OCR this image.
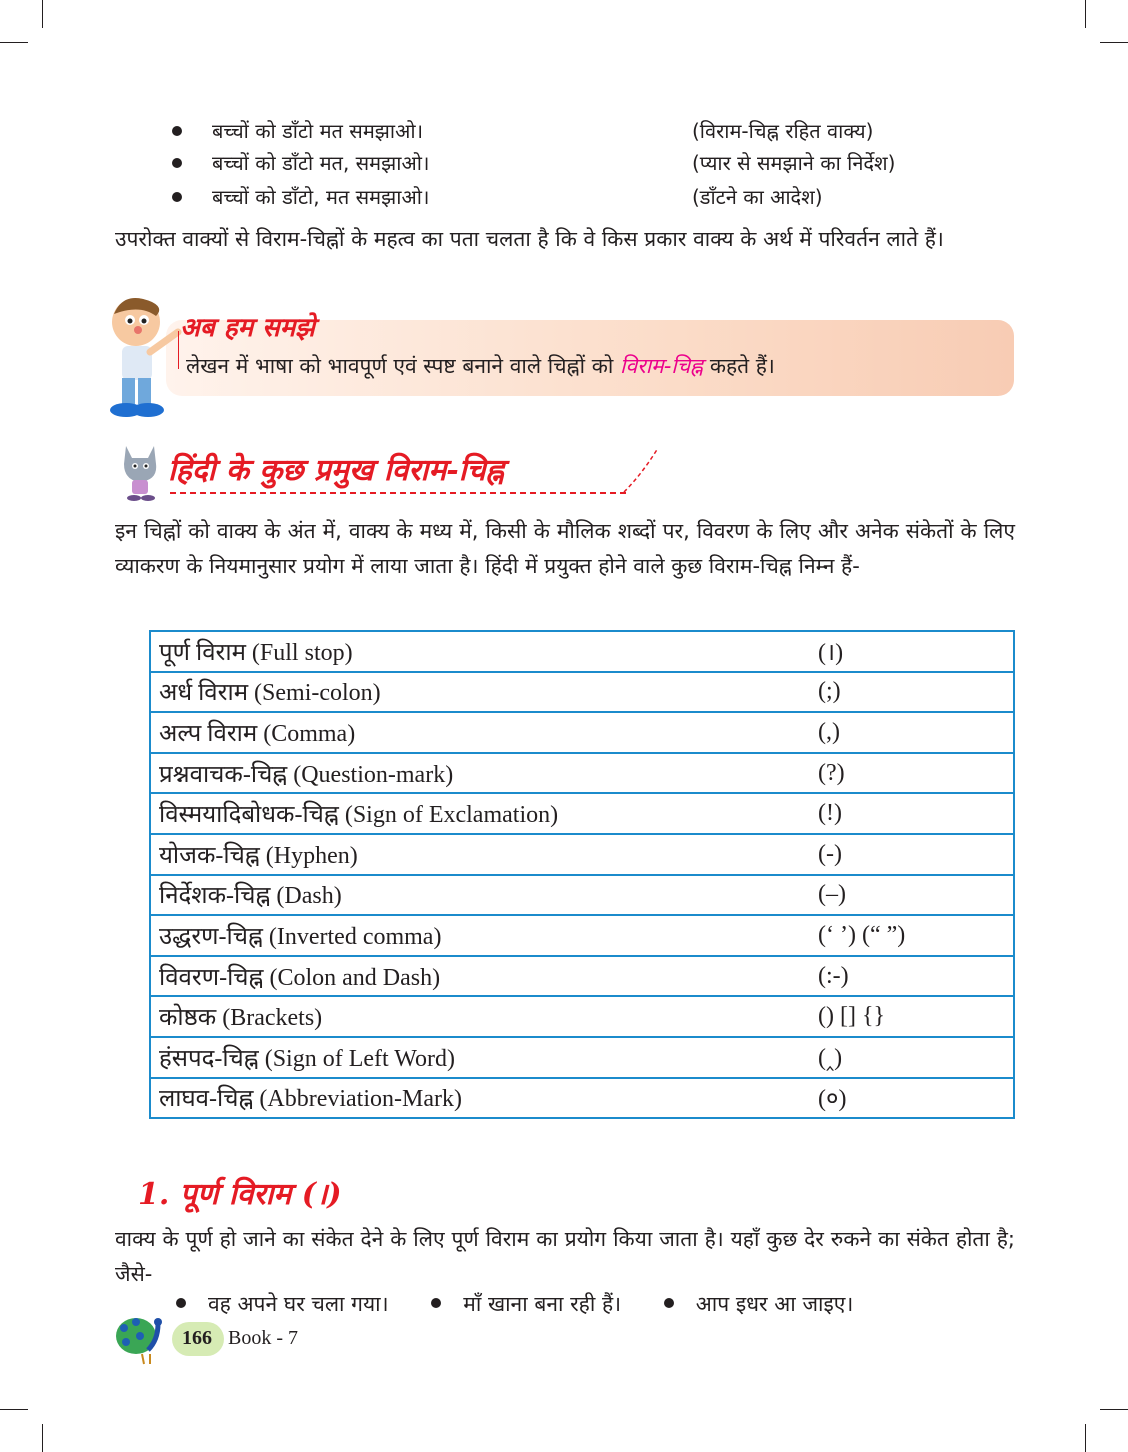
बच्चों को डाँटो मत समझाओ।	(विराम-चिह्न रहित वाक्य)
बच्चों को डाँटो मत, समझाओ।	(प्यार से समझाने का निर्देश)
बच्चों को डाँटो, मत समझाओ।	(डाँटने का आदेश)
उपरोक्त वाक्यों से विराम-चिह्नों के महत्व का पता चलता है कि वे किस प्रकार वाक्य के अर्थ में परिवर्तन लाते हैं।
अब हम समझे
लेखन में भाषा को भावपूर्ण एवं स्पष्ट बनाने वाले चिह्नों को विराम-चिह्न कहते हैं।
हिंदी के कुछ प्रमुख विराम-चिह्न
इन चिह्नों को वाक्य के अंत में, वाक्य के मध्य में, किसी के मौलिक शब्दों पर, विवरण के लिए और अनेक संकेतों के लिए व्याकरण के नियमानुसार प्रयोग में लाया जाता है। हिंदी में प्रयुक्त होने वाले कुछ विराम-चिह्न निम्न हैं-
पूर्ण विराम (Full stop)	(।)
अर्ध विराम (Semi-colon)	(;)
अल्प विराम (Comma)	(,)
प्रश्नवाचक-चिह्न (Question-mark)	(?)
विस्मयादिबोधक-चिह्न (Sign of Exclamation)	(!)
योजक-चिह्न (Hyphen)	(-)
निर्देशक-चिह्न (Dash)	(–)
उद्धरण-चिह्न (Inverted comma)	(‘ ’) (“ ”)
विवरण-चिह्न (Colon and Dash)	(:-)
कोष्ठक (Brackets)	() [] {}
हंसपद-चिह्न (Sign of Left Word)	(‸)
लाघव-चिह्न (Abbreviation-Mark)	(०)
1. पूर्ण विराम (।)
वाक्य के पूर्ण हो जाने का संकेत देने के लिए पूर्ण विराम का प्रयोग किया जाता है। यहाँ कुछ देर रुकने का संकेत होता है; जैसे-
वह अपने घर चला गया।	माँ खाना बना रही हैं।	आप इधर आ जाइए।
166 Book - 7
